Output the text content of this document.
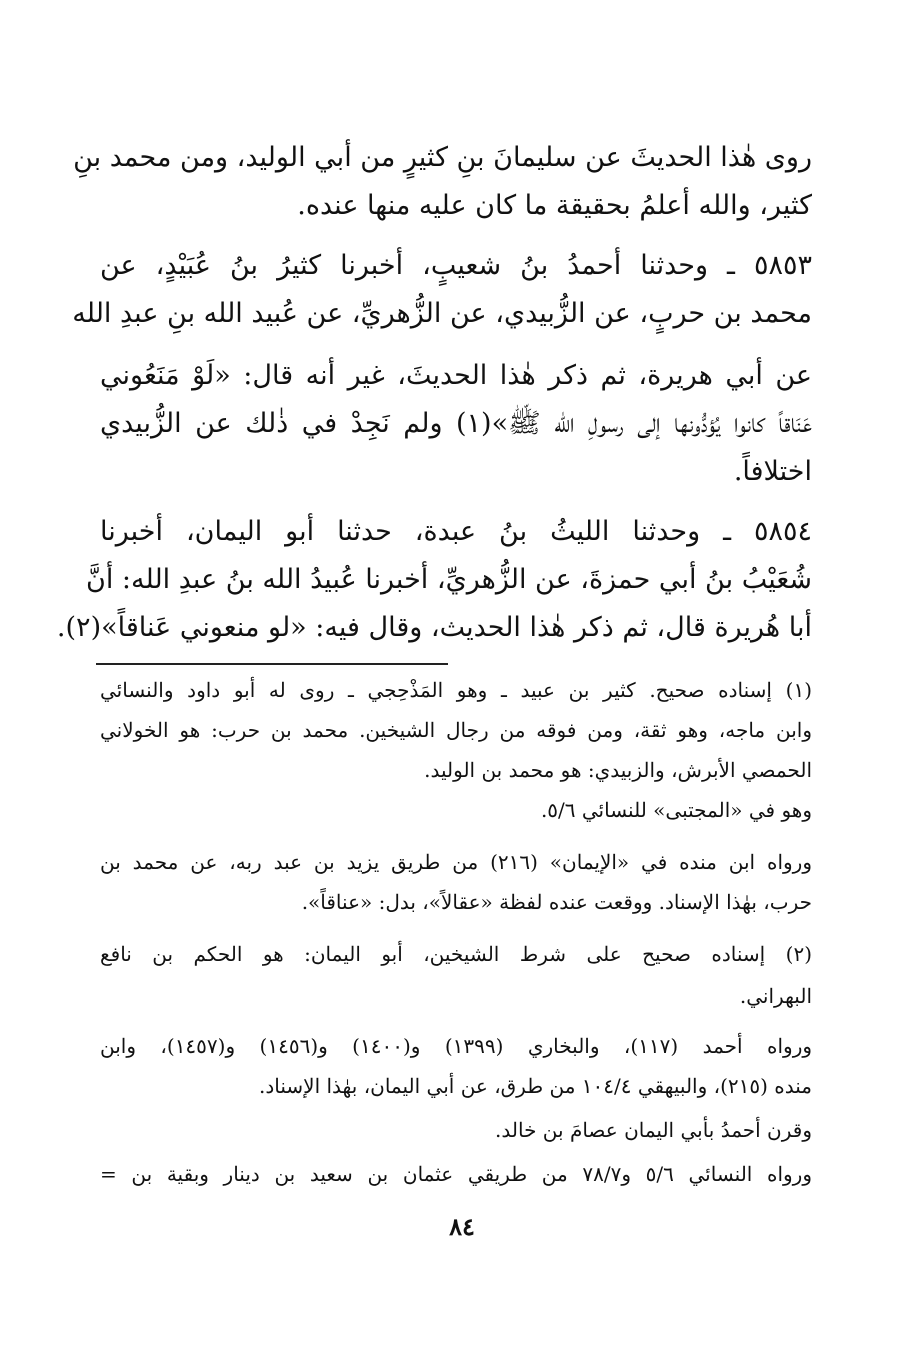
روى هٰذا الحديثَ عن سليمانَ بنِ كثيرٍ من أبي الوليد، ومن محمد بنِ
كثير، والله أعلمُ بحقيقة ما كان عليه منها عنده.
٥٨٥٣ ـ وحدثنا أحمدُ بنُ شعيبٍ، أخبرنا كثيرُ بنُ عُبَيْدٍ، عن
محمد بن حربٍ، عن الزُّبيدي، عن الزُّهريِّ، عن عُبيد الله بنِ عبدِ الله
عن أبي هريرة، ثم ذكر هٰذا الحديثَ، غير أنه قال: «لَوْ مَنَعُوني
عَنَاقاً كانوا يُؤدُّونها إلى رسولِ الله ﷺ»(١) ولم نَجِدْ في ذٰلك عن الزُّبيدي
اختلافاً.
٥٨٥٤ ـ وحدثنا الليثُ بنُ عبدة، حدثنا أبو اليمان، أخبرنا
شُعَيْبُ بنُ أبي حمزةَ، عن الزُّهريِّ، أخبرنا عُبيدُ الله بنُ عبدِ الله: أنَّ
أبا هُريرة قال، ثم ذكر هٰذا الحديث، وقال فيه: «لو منعوني عَناقاً»(٢).
(١) إسناده صحيح. كثير بن عبيد ـ وهو المَذْحِجي ـ روى له أبو داود والنسائي
وابن ماجه، وهو ثقة، ومن فوقه من رجال الشيخين. محمد بن حرب: هو الخولاني
الحمصي الأبرش، والزبيدي: هو محمد بن الوليد.
وهو في «المجتبى» للنسائي ٥/٦.
ورواه ابن منده في «الإيمان» (٢١٦) من طريق يزيد بن عبد ربه، عن محمد بن
حرب، بهٰذا الإسناد. ووقعت عنده لفظة «عقالاً»، بدل: «عناقاً».
(٢) إسناده صحيح على شرط الشيخين، أبو اليمان: هو الحكم بن نافع
البهراني.
ورواه أحمد (١١٧)، والبخاري (١٣٩٩) و(١٤٠٠) و(١٤٥٦) و(١٤٥٧)، وابن
منده (٢١٥)، والبيهقي ١٠٤/٤ من طرق، عن أبي اليمان، بهٰذا الإسناد.
وقرن أحمدُ بأبي اليمان عصامَ بن خالد.
ورواه النسائي ٥/٦ و٧٨/٧ من طريقي عثمان بن سعيد بن دينار وبقية بن =
٨٤
